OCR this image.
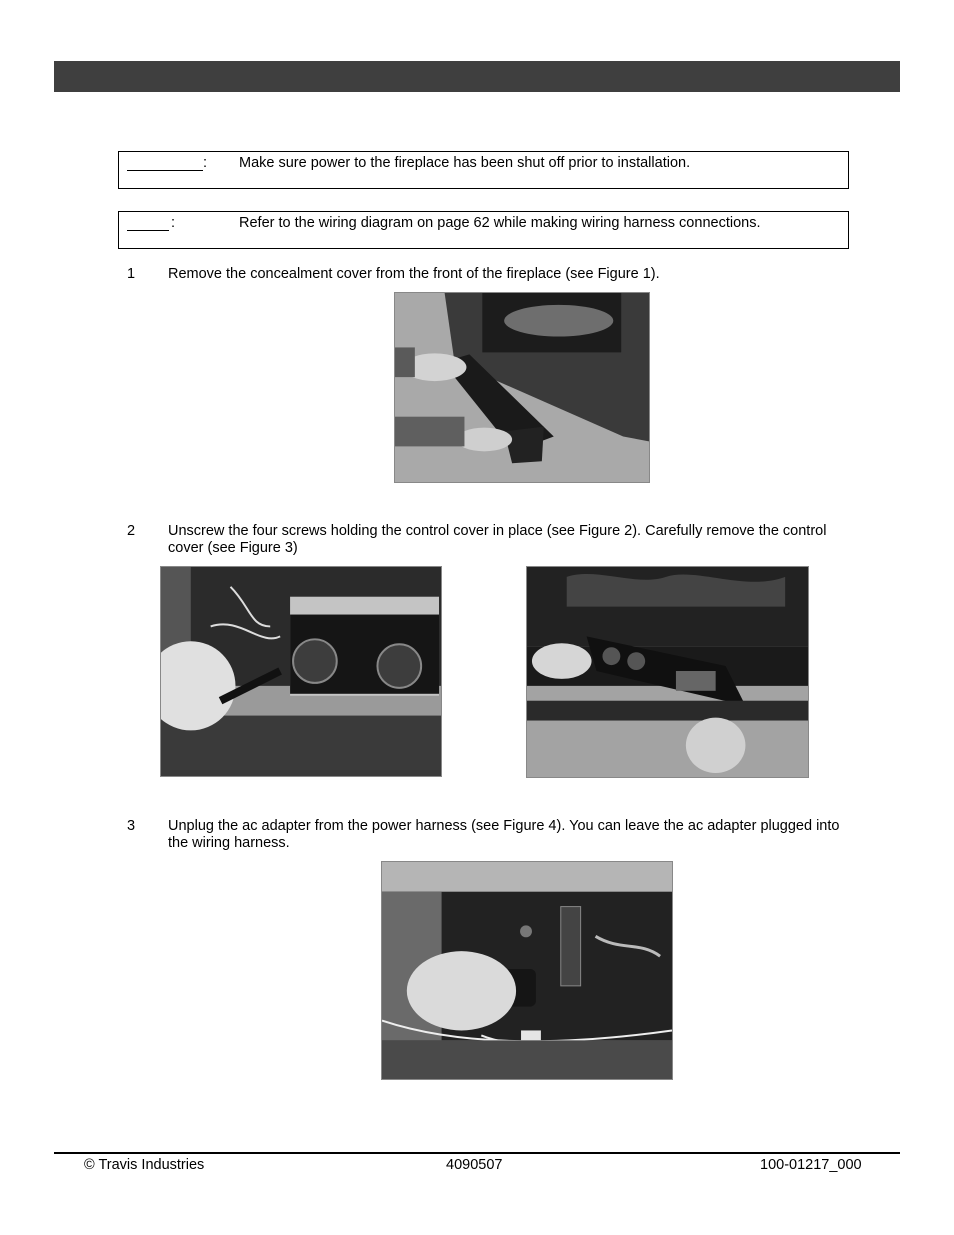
: Make sure power to the fireplace has been shut off prior to installation.
:	Refer to the wiring diagram on page 62 while making wiring harness connections.
1 Remove the concealment cover from the front of the fireplace (see Figure 1).
2 Unscrew the four screws holding the control cover in place (see Figure 2). Carefully remove the control cover (see Figure 3)
3 Unplug the ac adapter from the power harness (see Figure 4). You can leave the ac adapter plugged into the wiring harness.
© Travis Industries	4090507	100-01217_000
